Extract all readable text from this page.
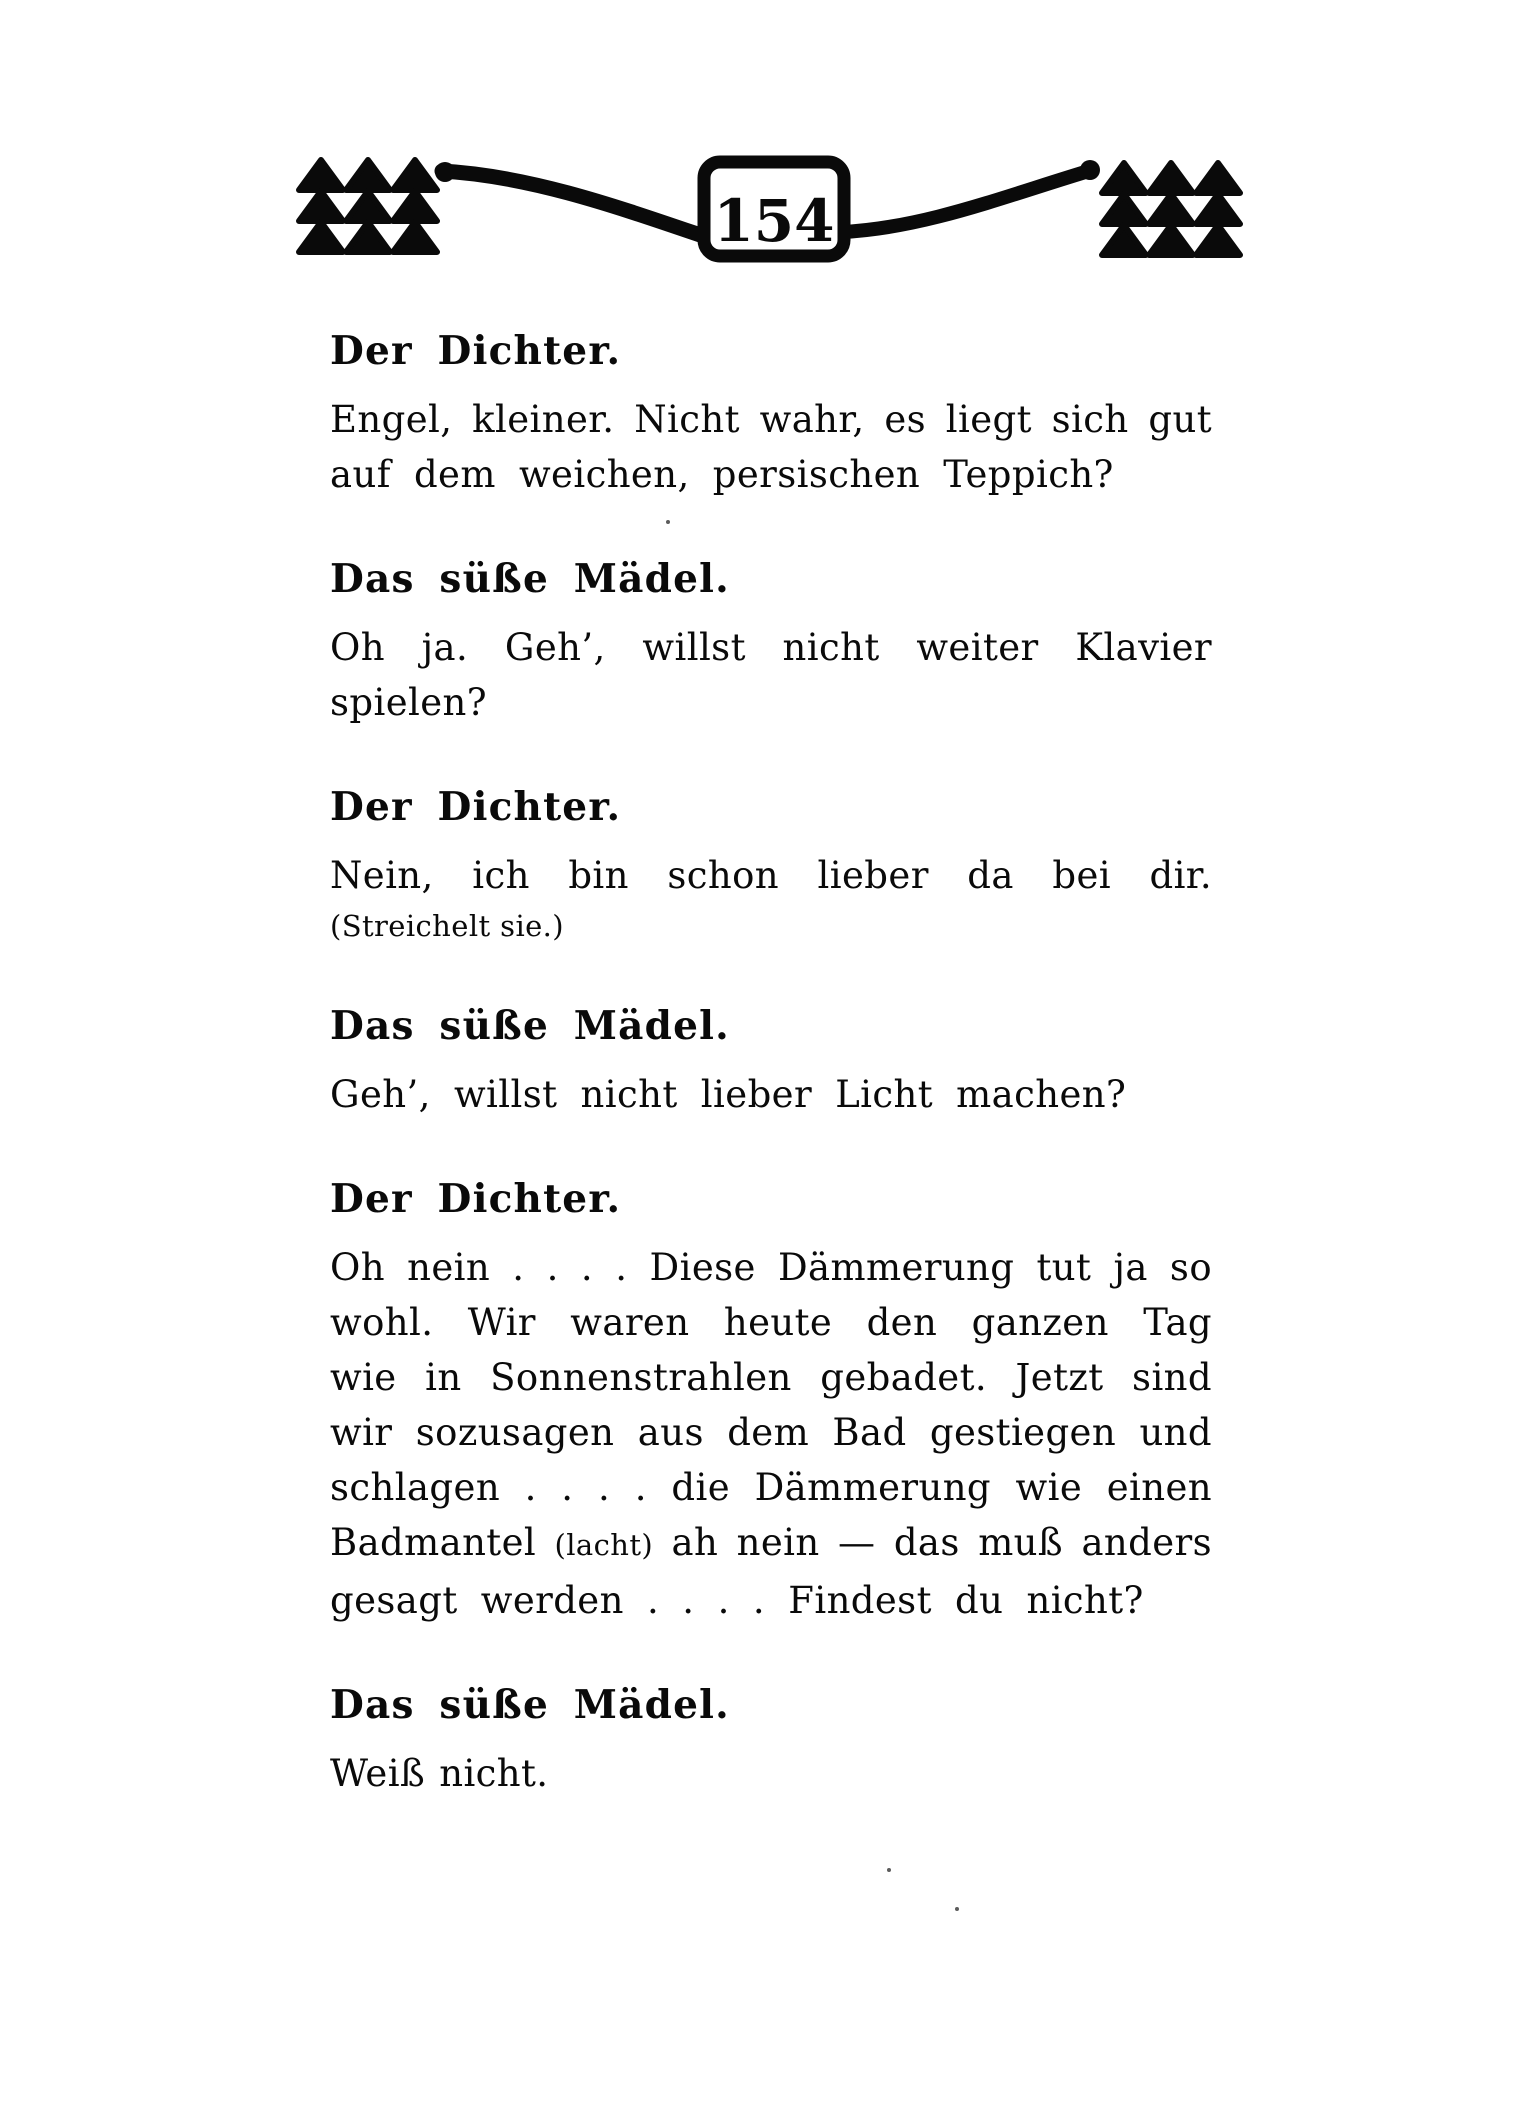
154
Der Dichter.
Engel, kleiner. Nicht wahr, es liegt sich gut
auf dem weichen, persischen Teppich?
Das süße Mädel.
Oh ja. Geh’, willst nicht weiter Klavier
spielen?
Der Dichter.
Nein, ich bin schon lieber da bei dir.
(Streichelt sie.)
Das süße Mädel.
Geh’, willst nicht lieber Licht machen?
Der Dichter.
Oh nein . . . . Diese Dämmerung tut ja so
wohl. Wir waren heute den ganzen Tag
wie in Sonnenstrahlen gebadet. Jetzt sind
wir sozusagen aus dem Bad gestiegen und
schlagen . . . . die Dämmerung wie einen
Badmantel (lacht) ah nein — das muß anders
gesagt werden . . . . Findest du nicht?
Das süße Mädel.
Weiß nicht.
